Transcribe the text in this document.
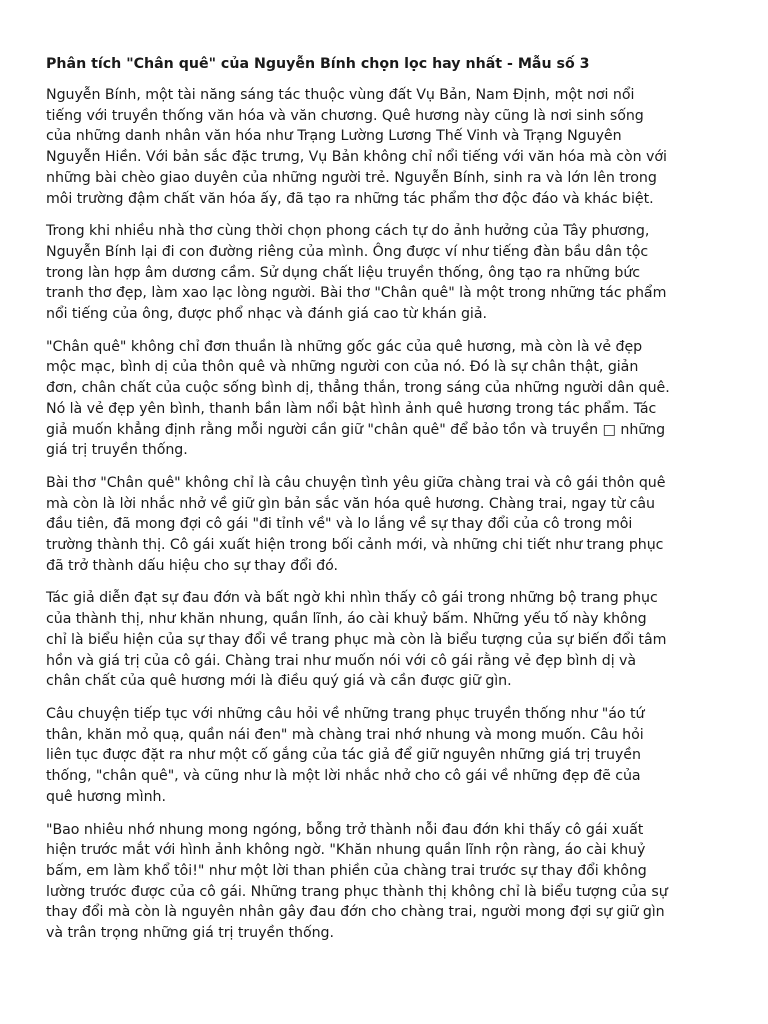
Phân tích "Chân quê" của Nguyễn Bính chọn lọc hay nhất - Mẫu số 3

Nguyễn Bính, một tài năng sáng tác thuộc vùng đất Vụ Bản, Nam Định, một nơi nổi
tiếng với truyền thống văn hóa và văn chương. Quê hương này cũng là nơi sinh sống
của những danh nhân văn hóa như Trạng Lường Lương Thế Vinh và Trạng Nguyên
Nguyễn Hiền. Với bản sắc đặc trưng, Vụ Bản không chỉ nổi tiếng với văn hóa mà còn với
những bài chèo giao duyên của những người trẻ. Nguyễn Bính, sinh ra và lớn lên trong
môi trường đậm chất văn hóa ấy, đã tạo ra những tác phẩm thơ độc đáo và khác biệt.

Trong khi nhiều nhà thơ cùng thời chọn phong cách tự do ảnh hưởng của Tây phương,
Nguyễn Bính lại đi con đường riêng của mình. Ông được ví như tiếng đàn bầu dân tộc
trong làn hợp âm dương cầm. Sử dụng chất liệu truyền thống, ông tạo ra những bức
tranh thơ đẹp, làm xao lạc lòng người. Bài thơ "Chân quê" là một trong những tác phẩm
nổi tiếng của ông, được phổ nhạc và đánh giá cao từ khán giả.

"Chân quê" không chỉ đơn thuần là những gốc gác của quê hương, mà còn là vẻ đẹp
mộc mạc, bình dị của thôn quê và những người con của nó. Đó là sự chân thật, giản
đơn, chân chất của cuộc sống bình dị, thẳng thắn, trong sáng của những người dân quê.
Nó là vẻ đẹp yên bình, thanh bần làm nổi bật hình ảnh quê hương trong tác phẩm. Tác
giả muốn khẳng định rằng mỗi người cần giữ "chân quê" để bảo tồn và truyền □ những
giá trị truyền thống.

Bài thơ "Chân quê" không chỉ là câu chuyện tình yêu giữa chàng trai và cô gái thôn quê
mà còn là lời nhắc nhở về giữ gìn bản sắc văn hóa quê hương. Chàng trai, ngay từ câu
đầu tiên, đã mong đợi cô gái "đi tỉnh về" và lo lắng về sự thay đổi của cô trong môi
trường thành thị. Cô gái xuất hiện trong bối cảnh mới, và những chi tiết như trang phục
đã trở thành dấu hiệu cho sự thay đổi đó.

Tác giả diễn đạt sự đau đớn và bất ngờ khi nhìn thấy cô gái trong những bộ trang phục
của thành thị, như khăn nhung, quần lĩnh, áo cài khuỷ bấm. Những yếu tố này không
chỉ là biểu hiện của sự thay đổi về trang phục mà còn là biểu tượng của sự biến đổi tâm
hồn và giá trị của cô gái. Chàng trai như muốn nói với cô gái rằng vẻ đẹp bình dị và
chân chất của quê hương mới là điều quý giá và cần được giữ gìn.

Câu chuyện tiếp tục với những câu hỏi về những trang phục truyền thống như "áo tứ
thân, khăn mỏ quạ, quần nái đen" mà chàng trai nhớ nhung và mong muốn. Câu hỏi
liên tục được đặt ra như một cố gắng của tác giả để giữ nguyên những giá trị truyền
thống, "chân quê", và cũng như là một lời nhắc nhở cho cô gái về những đẹp đẽ của
quê hương mình.

"Bao nhiêu nhớ nhung mong ngóng, bỗng trở thành nỗi đau đớn khi thấy cô gái xuất
hiện trước mắt với hình ảnh không ngờ. "Khăn nhung quần lĩnh rộn ràng, áo cài khuỷ
bấm, em làm khổ tôi!" như một lời than phiền của chàng trai trước sự thay đổi không
lường trước được của cô gái. Những trang phục thành thị không chỉ là biểu tượng của sự
thay đổi mà còn là nguyên nhân gây đau đớn cho chàng trai, người mong đợi sự giữ gìn
và trân trọng những giá trị truyền thống.
